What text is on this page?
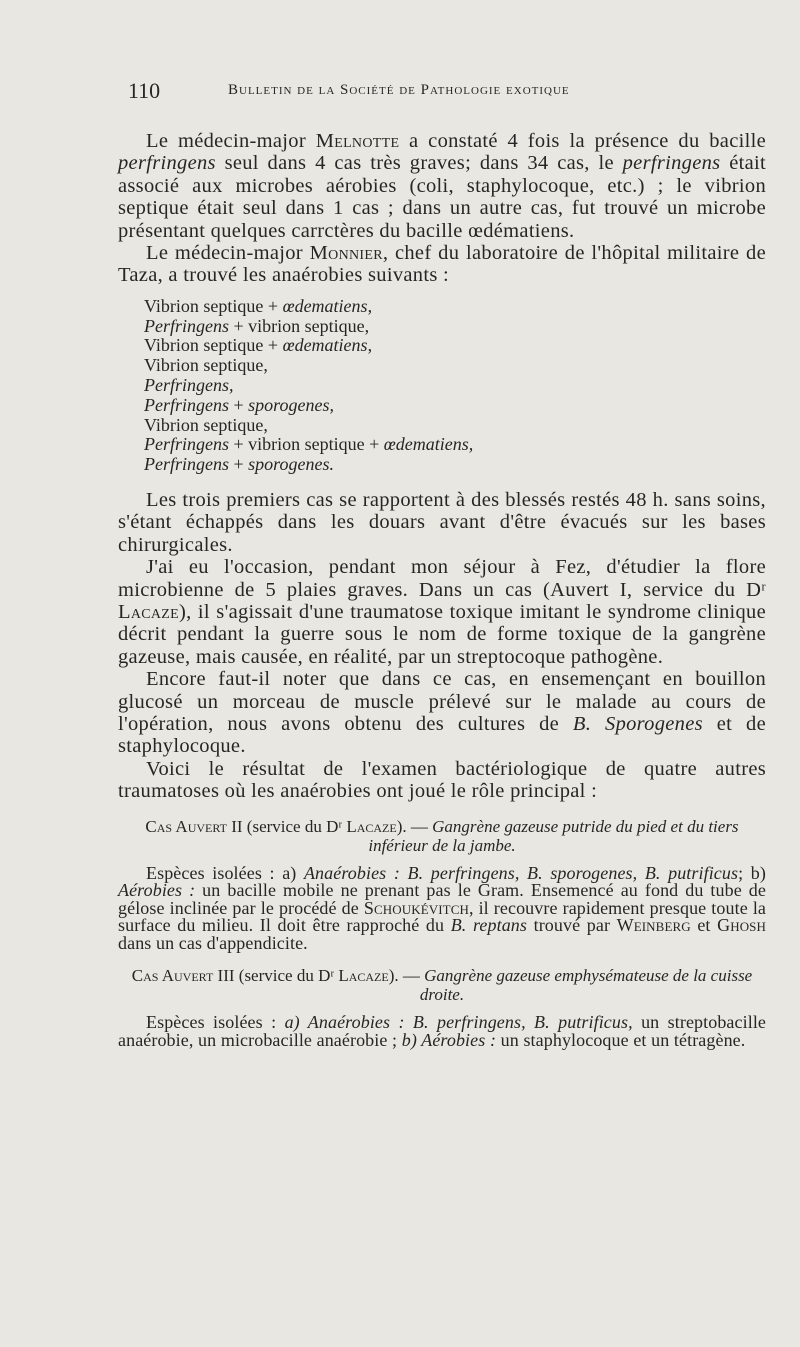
110	Bulletin de la Société de Pathologie exotique

Le médecin-major Melnotte a constaté 4 fois la présence du bacille perfringens seul dans 4 cas très graves; dans 34 cas, le perfringens était associé aux microbes aérobies (coli, staphylocoque, etc.) ; le vibrion septique était seul dans 1 cas ; dans un autre cas, fut trouvé un microbe présentant quelques carrctères du bacille œdématiens.

Le médecin-major Monnier, chef du laboratoire de l'hôpital militaire de Taza, a trouvé les anaérobies suivants :

Vibrion septique + œdematiens,
Perfringens + vibrion septique,
Vibrion septique + œdematiens,
Vibrion septique,
Perfringens,
Perfringens + sporogenes,
Vibrion septique,
Perfringens + vibrion septique + œdematiens,
Perfringens + sporogenes.

Les trois premiers cas se rapportent à des blessés restés 48 h. sans soins, s'étant échappés dans les douars avant d'être évacués sur les bases chirurgicales.

J'ai eu l'occasion, pendant mon séjour à Fez, d'étudier la flore microbienne de 5 plaies graves. Dans un cas (Auvert I, service du Dʳ Lacaze), il s'agissait d'une traumatose toxique imitant le syndrome clinique décrit pendant la guerre sous le nom de forme toxique de la gangrène gazeuse, mais causée, en réalité, par un streptocoque pathogène.

Encore faut-il noter que dans ce cas, en ensemençant en bouillon glucosé un morceau de muscle prélevé sur le malade au cours de l'opération, nous avons obtenu des cultures de B. Sporogenes et de staphylocoque.

Voici le résultat de l'examen bactériologique de quatre autres traumatoses où les anaérobies ont joué le rôle principal :

Cas Auvert II (service du Dʳ Lacaze). — Gangrène gazeuse putride du pied et du tiers inférieur de la jambe.

Espèces isolées : a) Anaérobies : B. perfringens, B. sporogenes, B. putrificus; b) Aérobies : un bacille mobile ne prenant pas le Gram. Ensemencé au fond du tube de gélose inclinée par le procédé de Schoukévitch, il recouvre rapidement presque toute la surface du milieu. Il doit être rapproché du B. reptans trouvé par Weinberg et Ghosh dans un cas d'appendicite.

Cas Auvert III (service du Dʳ Lacaze). — Gangrène gazeuse emphysémateuse de la cuisse droite.

Espèces isolées : a) Anaérobies : B. perfringens, B. putrificus, un streptobacille anaérobie, un microbacille anaérobie ; b) Aérobies : un staphylocoque et un tétragène.
